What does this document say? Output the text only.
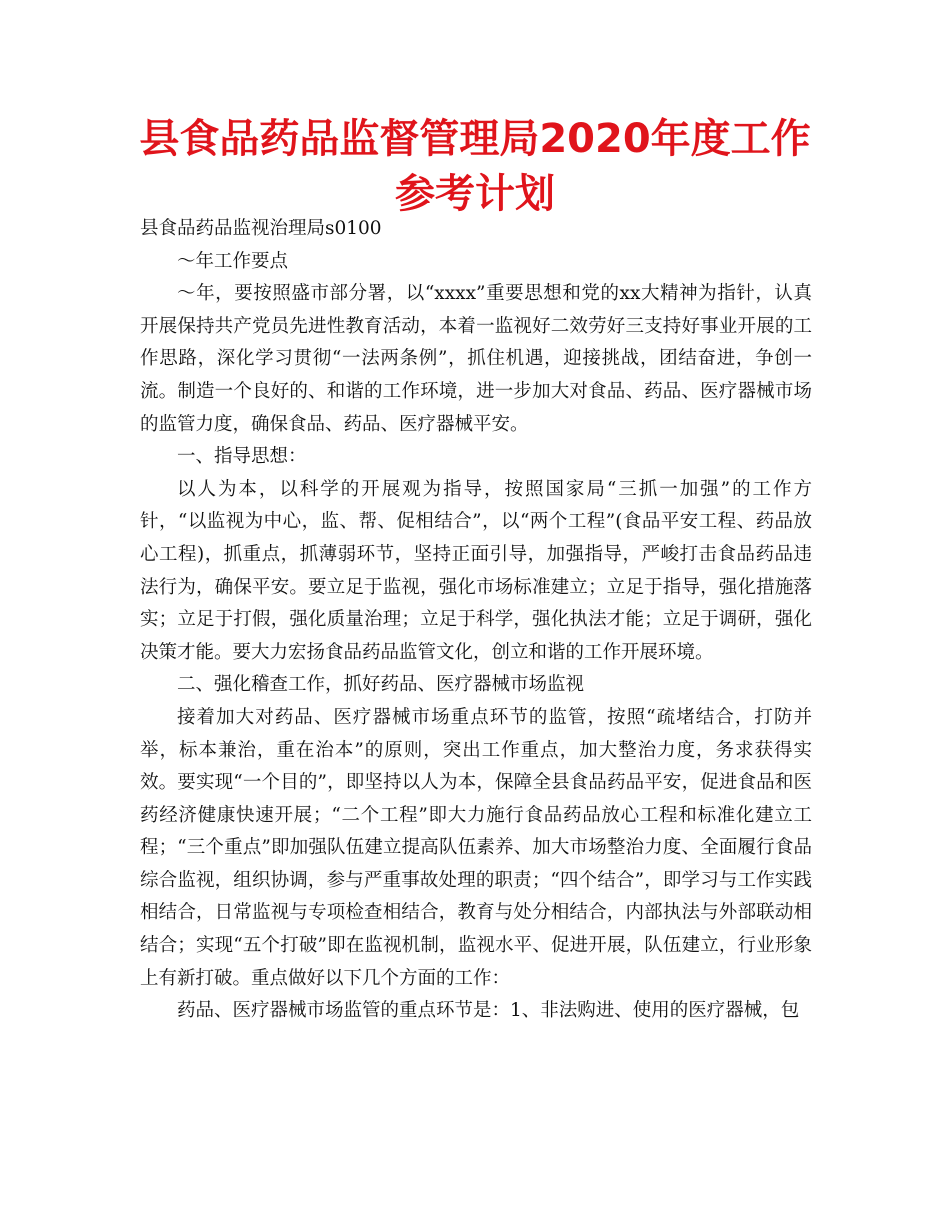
县食品药品监督管理局2020年度工作参考计划

县食品药品监视治理局s0100

～年工作要点

～年，要按照盛市部分署，以“xxxx”重要思想和党的xx大精神为指针，认真开展保持共产党员先进性教育活动，本着一监视好二效劳好三支持好事业开展的工作思路，深化学习贯彻“一法两条例”，抓住机遇，迎接挑战，团结奋进，争创一流。制造一个良好的、和谐的工作环境，进一步加大对食品、药品、医疗器械市场的监管力度，确保食品、药品、医疗器械平安。

一、指导思想：

以人为本，以科学的开展观为指导，按照国家局“三抓一加强”的工作方针，“以监视为中心，监、帮、促相结合”，以“两个工程”(食品平安工程、药品放心工程)，抓重点，抓薄弱环节，坚持正面引导，加强指导，严峻打击食品药品违法行为，确保平安。要立足于监视，强化市场标准建立；立足于指导，强化措施落实；立足于打假，强化质量治理；立足于科学，强化执法才能；立足于调研，强化决策才能。要大力宏扬食品药品监管文化，创立和谐的工作开展环境。

二、强化稽查工作，抓好药品、医疗器械市场监视

接着加大对药品、医疗器械市场重点环节的监管，按照“疏堵结合，打防并举，标本兼治，重在治本”的原则，突出工作重点，加大整治力度，务求获得实效。要实现“一个目的”，即坚持以人为本，保障全县食品药品平安，促进食品和医药经济健康快速开展；“二个工程”即大力施行食品药品放心工程和标准化建立工程；“三个重点”即加强队伍建立提高队伍素养、加大市场整治力度、全面履行食品综合监视，组织协调，参与严重事故处理的职责；“四个结合”，即学习与工作实践相结合，日常监视与专项检查相结合，教育与处分相结合，内部执法与外部联动相结合；实现“五个打破”即在监视机制，监视水平、促进开展，队伍建立，行业形象上有新打破。重点做好以下几个方面的工作：

药品、医疗器械市场监管的重点环节是：1、非法购进、使用的医疗器械，包
